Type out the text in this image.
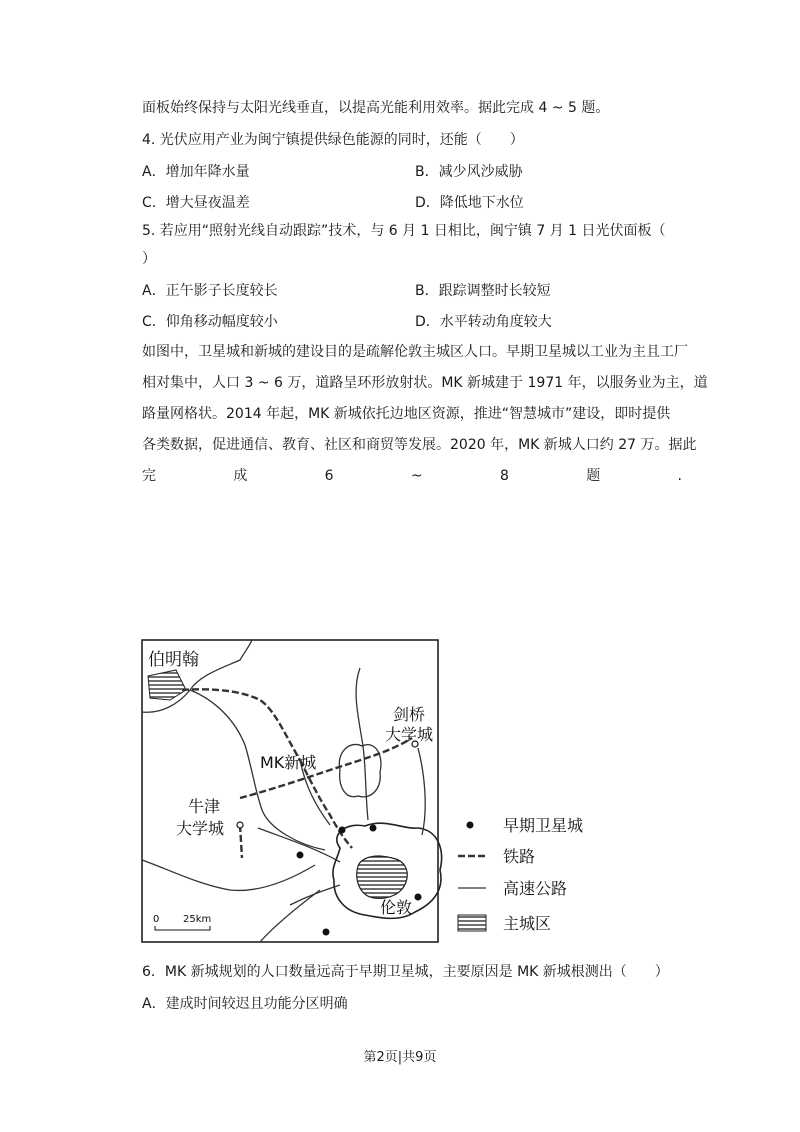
面板始终保持与太阳光线垂直，以提高光能利用效率。据此完成 4 ~ 5 题。
4. 光伏应用产业为闽宁镇提供绿色能源的同时，还能（　　）
A．增加年降水量	B．减少风沙威胁
C．增大昼夜温差	D．降低地下水位
5. 若应用“照射光线自动跟踪”技术，与 6 月 1 日相比，闽宁镇 7 月 1 日光伏面板（
）
A．正午影子长度较长	B．跟踪调整时长较短
C．仰角移动幅度较小	D．水平转动角度较大
如图中，卫星城和新城的建设目的是疏解伦敦主城区人口。早期卫星城以工业为主且工厂
相对集中，人口 3 ~ 6 万，道路呈环形放射状。MK 新城建于 1971 年，以服务业为主，道
路量网格状。2014 年起，MK 新城依托边地区资源，推进“智慧城市”建设，即时提供
各类数据，促进通信、教育、社区和商贸等发展。2020 年，MK 新城人口约 27 万。据此
完	成	6	~	8	题	.
伯明翰
剑桥
大学城
MK新城
牛津
大学城
伦敦
0 25km
早期卫星城
铁路
高速公路
主城区
6．MK 新城规划的人口数量远高于早期卫星城，主要原因是 MK 新城根测出（　　）
A．建成时间较迟且功能分区明确
第2页|共9页
